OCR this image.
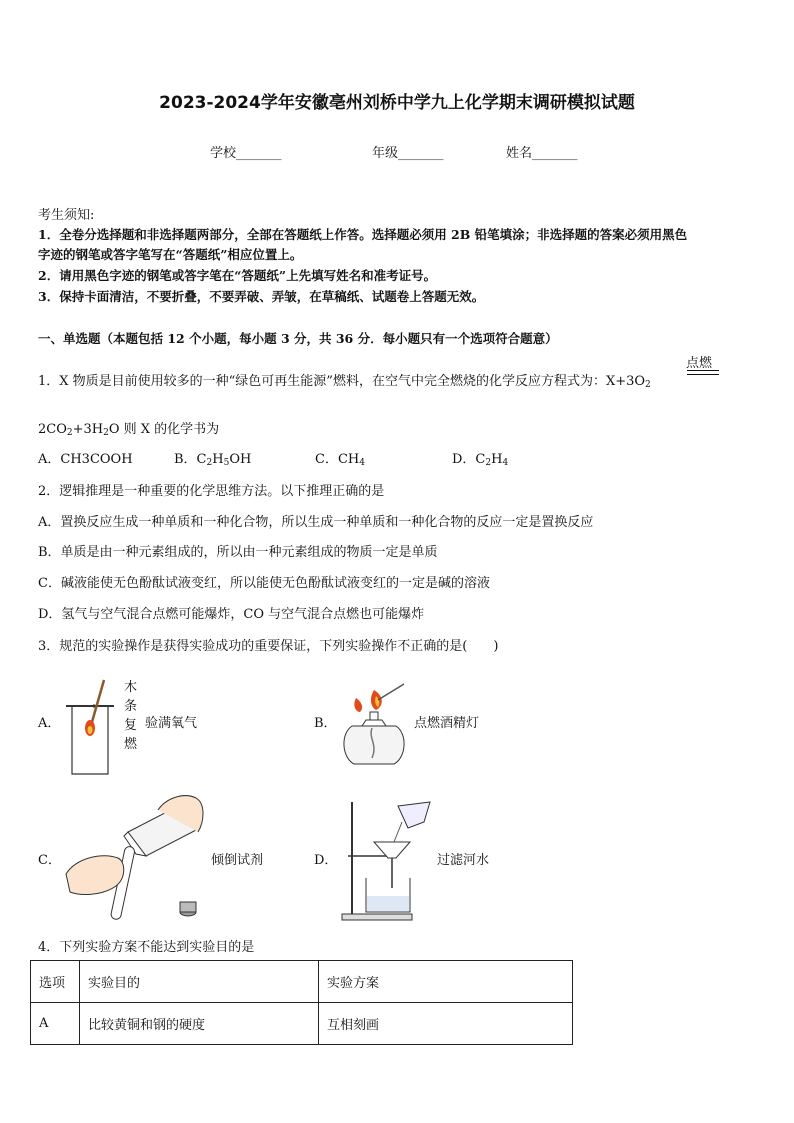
2023-2024学年安徽亳州刘桥中学九上化学期末调研模拟试题
学校_______	年级_______	姓名_______
考生须知:
1．全卷分选择题和非选择题两部分，全部在答题纸上作答。选择题必须用 2B 铅笔填涂；非选择题的答案必须用黑色
字迹的钢笔或答字笔写在“答题纸”相应位置上。
2．请用黑色字迹的钢笔或答字笔在“答题纸”上先填写姓名和准考证号。
3．保持卡面清洁，不要折叠，不要弄破、弄皱，在草稿纸、试题卷上答题无效。
一、单选题（本题包括 12 个小题，每小题 3 分，共 36 分．每小题只有一个选项符合题意）
1．X 物质是目前使用较多的一种“绿色可再生能源”燃料，在空气中完全燃烧的化学反应方程式为：$X+3O_2$
点燃
$2CO_2+3H_2O$ 则 X 的化学书为
A．CH3COOH	B．$C_2H_5OH$	C．$CH_4$	D．$C_2H_4$
2．逻辑推理是一种重要的化学思维方法。以下推理正确的是
A．置换反应生成一种单质和一种化合物，所以生成一种单质和一种化合物的反应一定是置换反应
B．单质是由一种元素组成的，所以由一种元素组成的物质一定是单质
C．碱液能使无色酚酞试液变红，所以能使无色酚酞试液变红的一定是碱的溶液
D．氢气与空气混合点燃可能爆炸，CO 与空气混合点燃也可能爆炸
3．规范的实验操作是获得实验成功的重要保证，下列实验操作不正确的是(　　)
A．
木
条
复
燃
验满氧气	B．	点燃酒精灯
C．	倾倒试剂	D．	过滤河水
4．下列实验方案不能达到实验目的是
选项	实验目的	实验方案
A	比较黄铜和钢的硬度	互相刻画
